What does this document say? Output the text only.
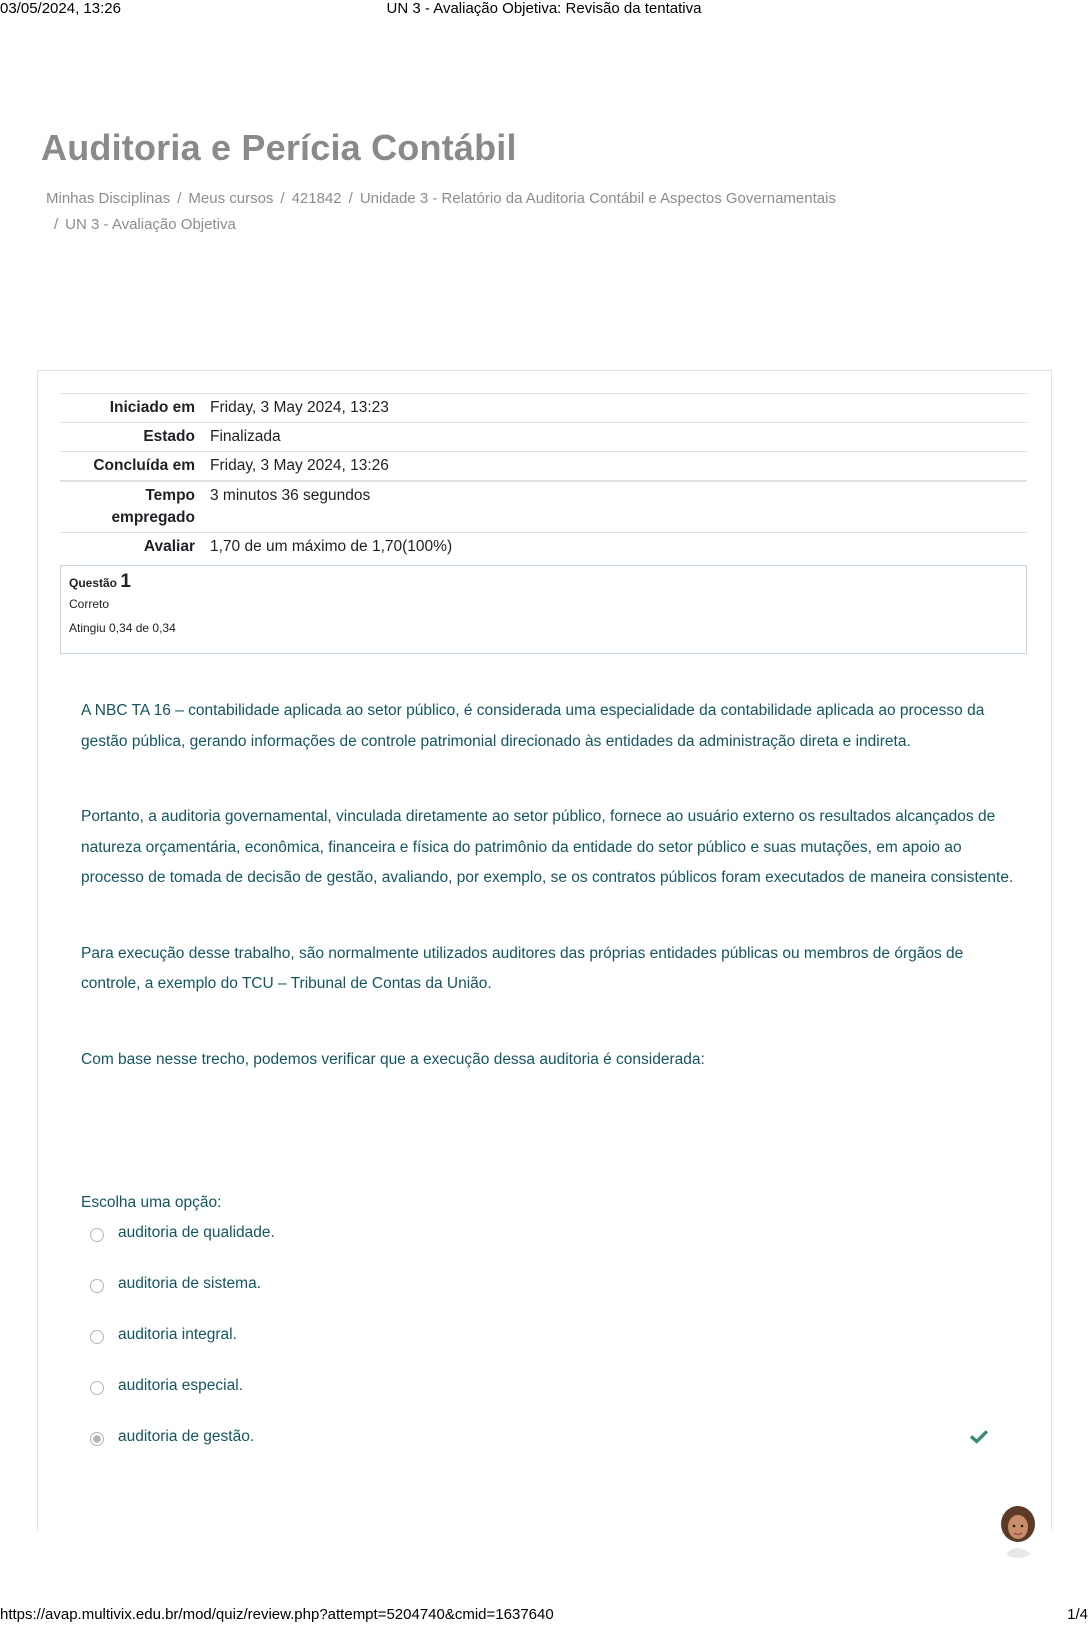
03/05/2024, 13:26	UN 3 - Avaliação Objetiva: Revisão da tentativa
Auditoria e Perícia Contábil
Minhas Disciplinas / Meus cursos / 421842 / Unidade 3 - Relatório da Auditoria Contábil e Aspectos Governamentais
/ UN 3 - Avaliação Objetiva
Iniciado em	Friday, 3 May 2024, 13:23
Estado	Finalizada
Concluída em	Friday, 3 May 2024, 13:26
Tempo empregado	3 minutos 36 segundos
Avaliar	1,70 de um máximo de 1,70(100%)
Questão 1
Correto
Atingiu 0,34 de 0,34

A NBC TA 16 – contabilidade aplicada ao setor público, é considerada uma especialidade da contabilidade aplicada ao processo da gestão pública, gerando informações de controle patrimonial direcionado às entidades da administração direta e indireta.

Portanto, a auditoria governamental, vinculada diretamente ao setor público, fornece ao usuário externo os resultados alcançados de natureza orçamentária, econômica, financeira e física do patrimônio da entidade do setor público e suas mutações, em apoio ao processo de tomada de decisão de gestão, avaliando, por exemplo, se os contratos públicos foram executados de maneira consistente.

Para execução desse trabalho, são normalmente utilizados auditores das próprias entidades públicas ou membros de órgãos de controle, a exemplo do TCU – Tribunal de Contas da União.

Com base nesse trecho, podemos verificar que a execução dessa auditoria é considerada:

Escolha uma opção:
auditoria de qualidade.
auditoria de sistema.
auditoria integral.
auditoria especial.
auditoria de gestão.
https://avap.multivix.edu.br/mod/quiz/review.php?attempt=5204740&cmid=1637640	1/4
